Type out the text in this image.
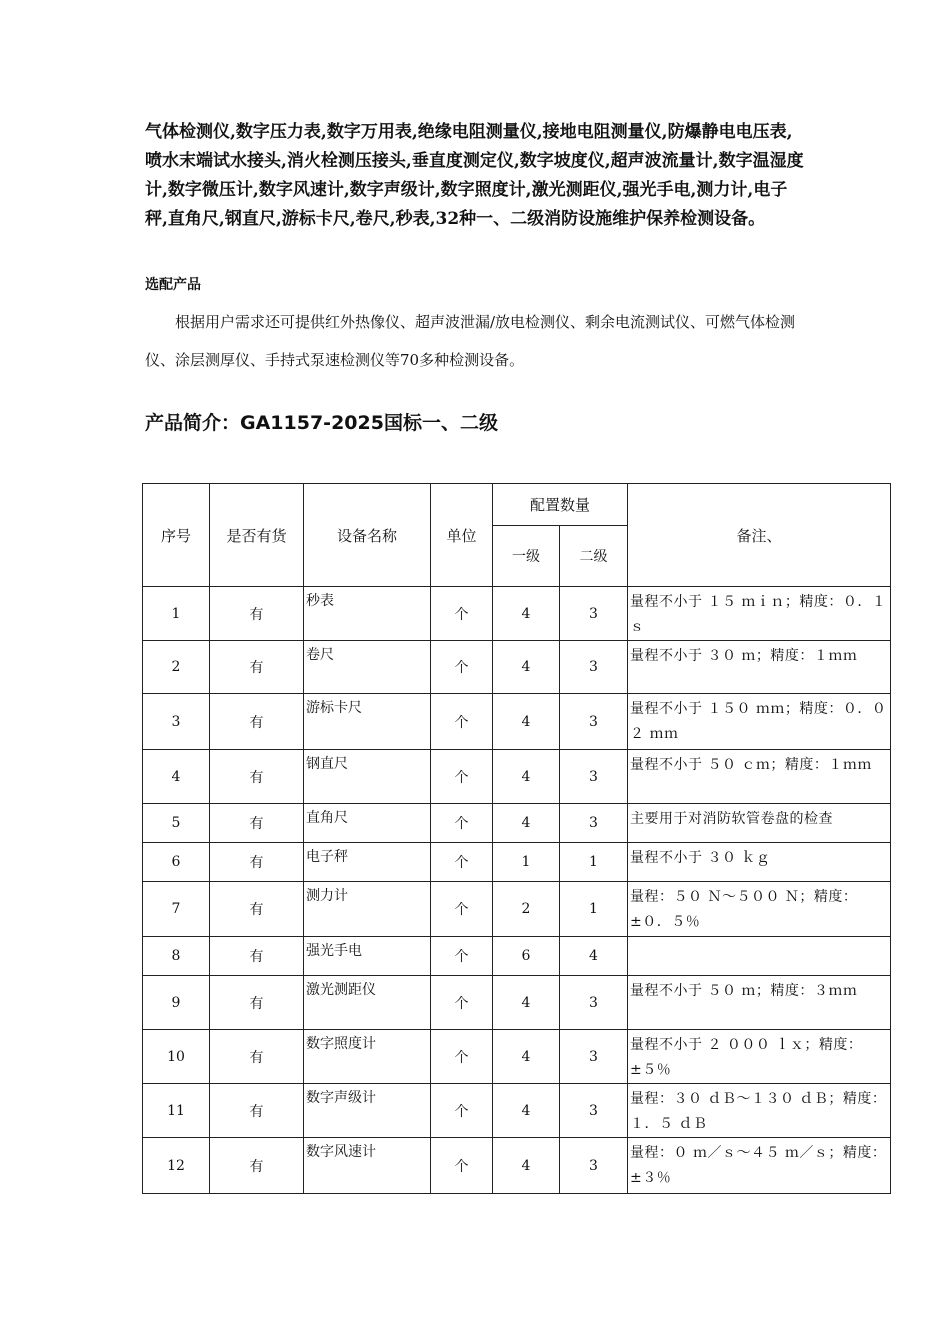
气体检测仪,数字压力表,数字万用表,绝缘电阻测量仪,接地电阻测量仪,防爆静电电压表,喷水末端试水接头,消火栓测压接头,垂直度测定仪,数字坡度仪,超声波流量计,数字温湿度计,数字微压计,数字风速计,数字声级计,数字照度计,激光测距仪,强光手电,测力计,电子秤,直角尺,钢直尺,游标卡尺,卷尺,秒表,32种一、二级消防设施维护保养检测设备。

选配产品

根据用户需求还可提供红外热像仪、超声波泄漏/放电检测仪、剩余电流测试仪、可燃气体检测仪、涂层测厚仪、手持式泵速检测仪等70多种检测设备。

产品简介：GA1157-2025国标一、二级
序号	是否有货	设备名称	单位	配置数量		备注、
				一级	二级	
1	有	秒表	个	4	3	量程不小于 １５ ｍｉｎ；精度：０．１ ｓ
2	有	卷尺	个	4	3	量程不小于 ３０ ｍ；精度：１ｍｍ
3	有	游标卡尺	个	4	3	量程不小于 １５０ ｍｍ；精度：０．０２ ｍｍ
4	有	钢直尺	个	4	3	量程不小于 ５０ ｃｍ；精度：１ｍｍ
5	有	直角尺	个	4	3	主要用于对消防软管卷盘的检查
6	有	电子秤	个	1	1	量程不小于 ３０ ｋｇ
7	有	测力计	个	2	1	量程：５０ Ｎ～５００ Ｎ；精度：±０．５％
8	有	强光手电	个	6	4	
9	有	激光测距仪	个	4	3	量程不小于 ５０ ｍ；精度：３ｍｍ
10	有	数字照度计	个	4	3	量程不小于 ２ ０００ ｌｘ；精度：±５％
11	有	数字声级计	个	4	3	量程：３０ ｄＢ～１３０ ｄＢ；精度：１．５ ｄＢ
12	有	数字风速计	个	4	3	量程：０ ｍ／ｓ～４５ ｍ／ｓ；精度：±３％
